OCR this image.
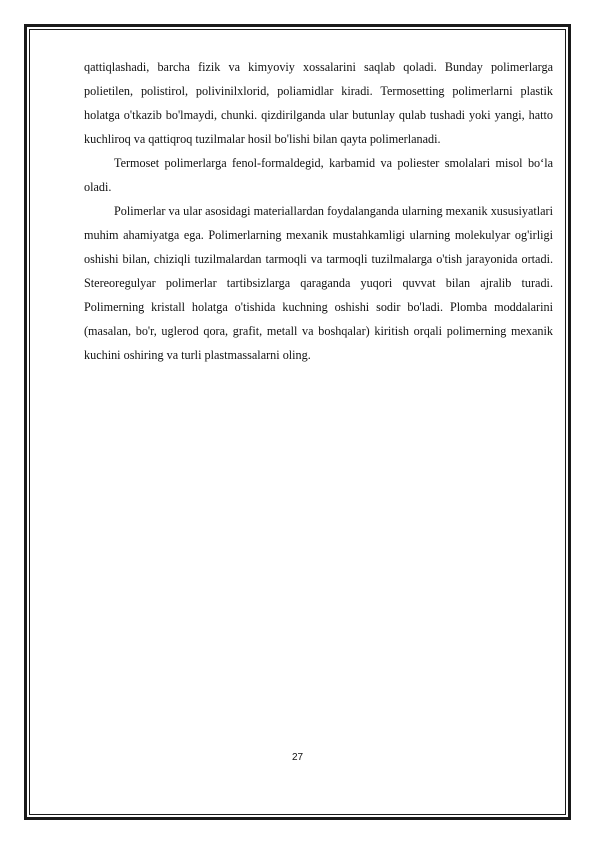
qattiqlashadi, barcha fizik va kimyoviy xossalarini saqlab qoladi. Bunday polimerlarga polietilen, polistirol, polivinilxlorid, poliamidlar kiradi. Termosetting polimerlarni plastik holatga o'tkazib bo'lmaydi, chunki. qizdirilganda ular butunlay qulab tushadi yoki yangi, hatto kuchliroq va qattiqroq tuzilmalar hosil bo'lishi bilan qayta polimerlanadi.

Termoset polimerlarga fenol-formaldegid, karbamid va poliester smolalari misol bo‘la oladi.

Polimerlar va ular asosidagi materiallardan foydalanganda ularning mexanik xususiyatlari muhim ahamiyatga ega. Polimerlarning mexanik mustahkamligi ularning molekulyar og'irligi oshishi bilan, chiziqli tuzilmalardan tarmoqli va tarmoqli tuzilmalarga o'tish jarayonida ortadi. Stereoregulyar polimerlar tartibsizlarga qaraganda yuqori quvvat bilan ajralib turadi. Polimerning kristall holatga o'tishida kuchning oshishi sodir bo'ladi. Plomba moddalarini (masalan, bo'r, uglerod qora, grafit, metall va boshqalar) kiritish orqali polimerning mexanik kuchini oshiring va turli plastmassalarni oling.

27
